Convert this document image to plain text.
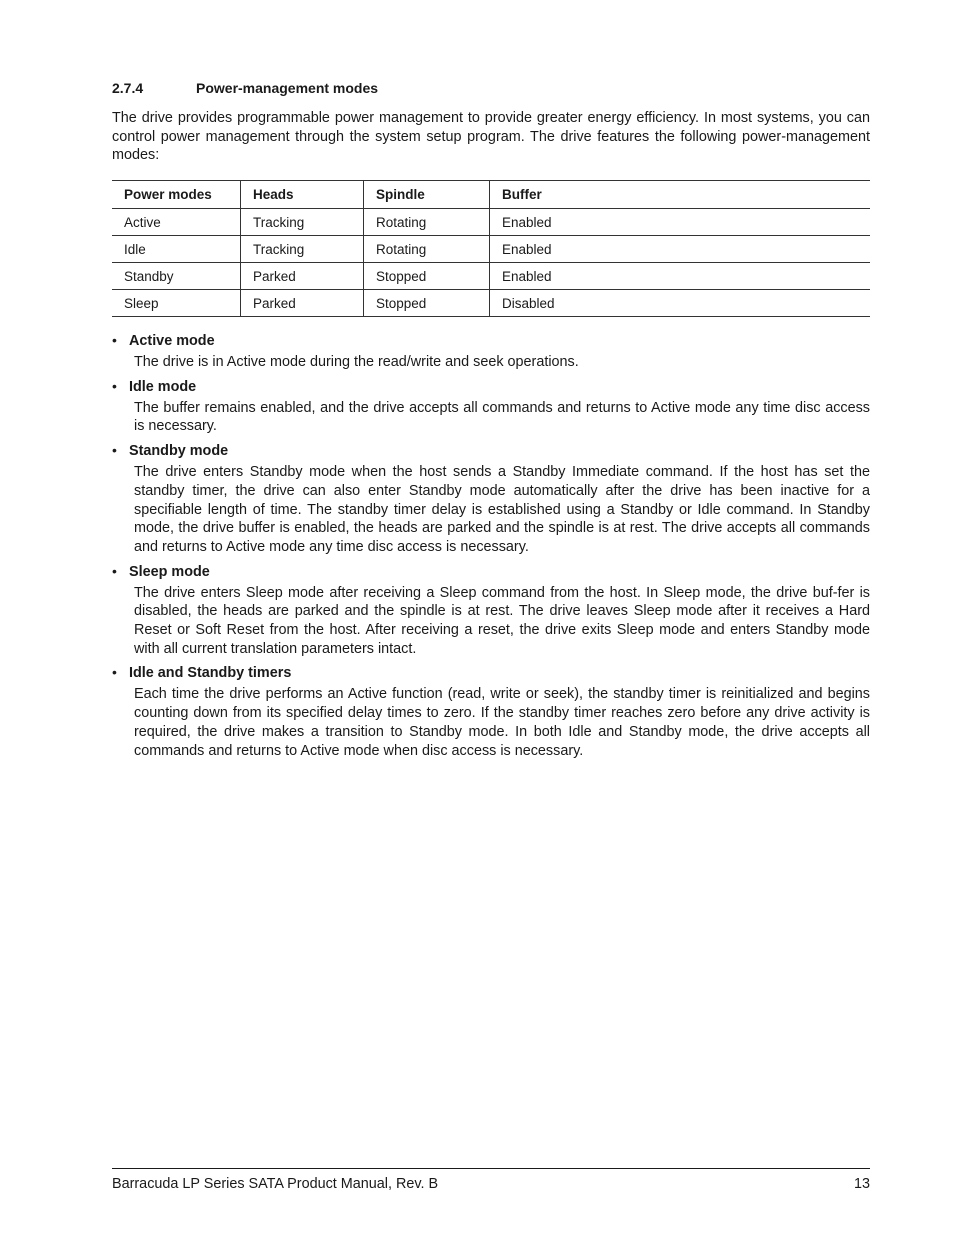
2.7.4	Power-management modes

The drive provides programmable power management to provide greater energy efficiency. In most systems, you can control power management through the system setup program. The drive features the following power-management modes:

Power modes	Heads	Spindle	Buffer
Active	Tracking	Rotating	Enabled
Idle	Tracking	Rotating	Enabled
Standby	Parked	Stopped	Enabled
Sleep	Parked	Stopped	Disabled
• Active mode
The drive is in Active mode during the read/write and seek operations.
• Idle mode
The buffer remains enabled, and the drive accepts all commands and returns to Active mode any time disc access is necessary.
• Standby mode
The drive enters Standby mode when the host sends a Standby Immediate command. If the host has set the standby timer, the drive can also enter Standby mode automatically after the drive has been inactive for a specifiable length of time. The standby timer delay is established using a Standby or Idle command. In Standby mode, the drive buffer is enabled, the heads are parked and the spindle is at rest. The drive accepts all commands and returns to Active mode any time disc access is necessary.
• Sleep mode
The drive enters Sleep mode after receiving a Sleep command from the host. In Sleep mode, the drive buf-fer is disabled, the heads are parked and the spindle is at rest. The drive leaves Sleep mode after it receives a Hard Reset or Soft Reset from the host. After receiving a reset, the drive exits Sleep mode and enters Standby mode with all current translation parameters intact.
• Idle and Standby timers
Each time the drive performs an Active function (read, write or seek), the standby timer is reinitialized and begins counting down from its specified delay times to zero. If the standby timer reaches zero before any drive activity is required, the drive makes a transition to Standby mode. In both Idle and Standby mode, the drive accepts all commands and returns to Active mode when disc access is necessary.
Barracuda LP Series SATA Product Manual, Rev. B	13
